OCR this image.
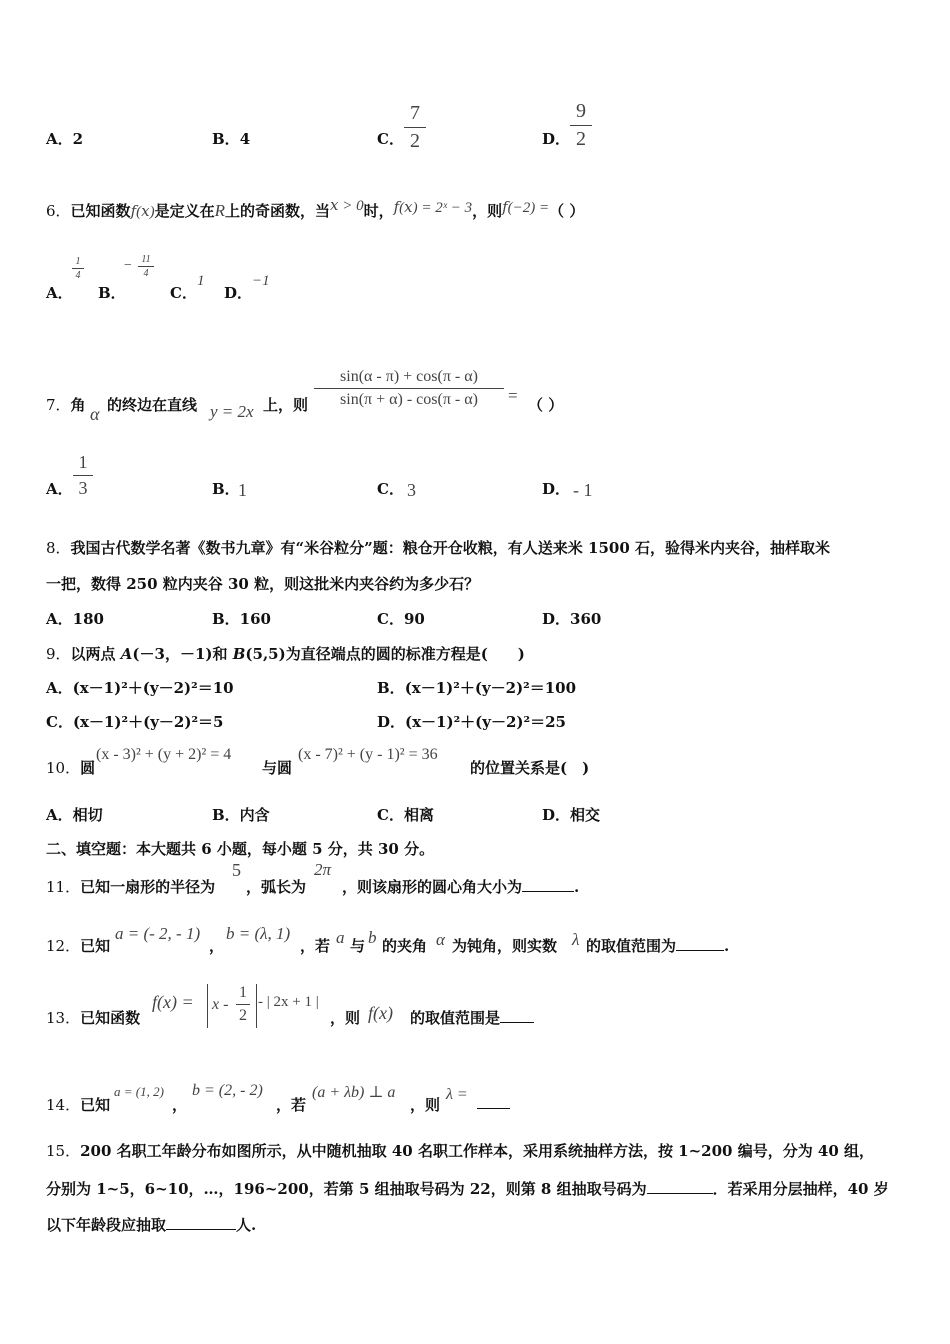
A．2	B．4	C．
7
2	D．
9
2
6．已知函数𝑓(𝑥)是定义在R上的奇函数，当𝑥 > 0时，𝑓(𝑥) = 2ˣ − 3，则𝑓(−2) =（ ）
A．
1
4
B．
− 11
4
C．
1
D．
−1
7．角 α 的终边在直线 y = 2x 上，则
sin(α - π) + cos(π - α)
sin(π + α) - cos(π - α)	= （ ）
A．
1
3	B．
1	C． 3	D． - 1
8．我国古代数学名著《数书九章》有“米谷粒分”题：粮仓开仓收粮，有人送来米 1500 石，验得米内夹谷，抽样取米
一把，数得 250 粒内夹谷 30 粒，则这批米内夹谷约为多少石？
A．180	B．160	C．90	D．360
9．以两点 A(－3，－1)和 B(5,5)为直径端点的圆的标准方程是(　　)
A．(x－1)²＋(y－2)²＝10	B．(x－1)²＋(y－2)²＝100
C．(x－1)²＋(y－2)²＝5	D．(x－1)²＋(y－2)²＝25
10．圆
(x - 3)² + (y + 2)² = 4
与圆
(x - 7)² + (y - 1)² = 36
的位置关系是(　)
A．相切	B．内含	C．相离	D．相交
二、填空题：本大题共 6 小题，每小题 5 分，共 30 分。
11．已知一扇形的半径为
5
，弧长为
2π
，则该扇形的圆心角大小为	.
12．已知
a = (- 2, - 1)
，
b = (λ, 1)
，若 a 与 b 的夹角 α 为钝角，则实数 λ 的取值范围为	.
13．已知函数
f(x) = x -
1
2
- | 2x + 1 |
，则 f(x) 的取值范围是
14．已知
a = (1, 2)
，
b = (2, - 2)
，若
(a + λb) ⊥ a
，则
λ =
15．200 名职工年龄分布如图所示，从中随机抽取 40 名职工作样本，采用系统抽样方法，按 1~200 编号，分为 40 组，
分别为 1~5，6~10，…，196~200，若第 5 组抽取号码为 22，则第 8 组抽取号码为	．若采用分层抽样，40 岁
以下年龄段应抽取	人.
